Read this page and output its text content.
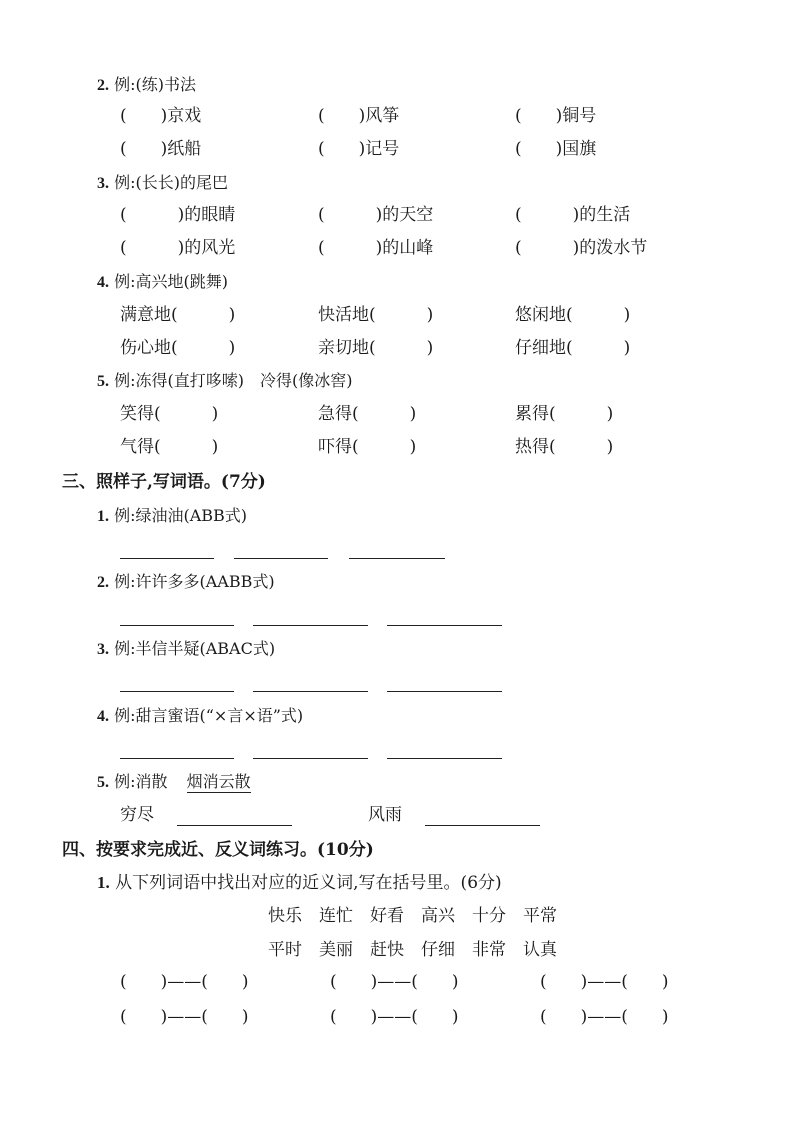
2. 例:(练)书法
(　　)京戏	(　　)风筝	(　　)铜号
(　　)纸船	(　　)记号	(　　)国旗
3. 例:(长长)的尾巴
(　　　)的眼睛	(　　　)的天空	(　　　)的生活
(　　　)的风光	(　　　)的山峰	(　　　)的泼水节
4. 例:高兴地(跳舞)
满意地(　　　)	快活地(　　　)	悠闲地(　　　)
伤心地(　　　)	亲切地(　　　)	仔细地(　　　)
5. 例:冻得(直打哆嗦)　冷得(像冰窖)
笑得(　　　)	急得(　　　)	累得(　　　)
气得(　　　)	吓得(　　　)	热得(　　　)
三、照样子,写词语。(7分)
1. 例:绿油油(ABB式)
2. 例:许许多多(AABB式)
3. 例:半信半疑(ABAC式)
4. 例:甜言蜜语(“×言×语”式)
5. 例:消散 烟消云散
穷尽	风雨
四、按要求完成近、反义词练习。(10分)
1. 从下列词语中找出对应的近义词,写在括号里。(6分)
快乐 连忙 好看 高兴 十分 平常
平时 美丽 赶快 仔细 非常 认真
(　　)——(　　)	(　　)——(　　)	(　　)——(　　)
(　　)——(　　)	(　　)——(　　)	(　　)——(　　)
